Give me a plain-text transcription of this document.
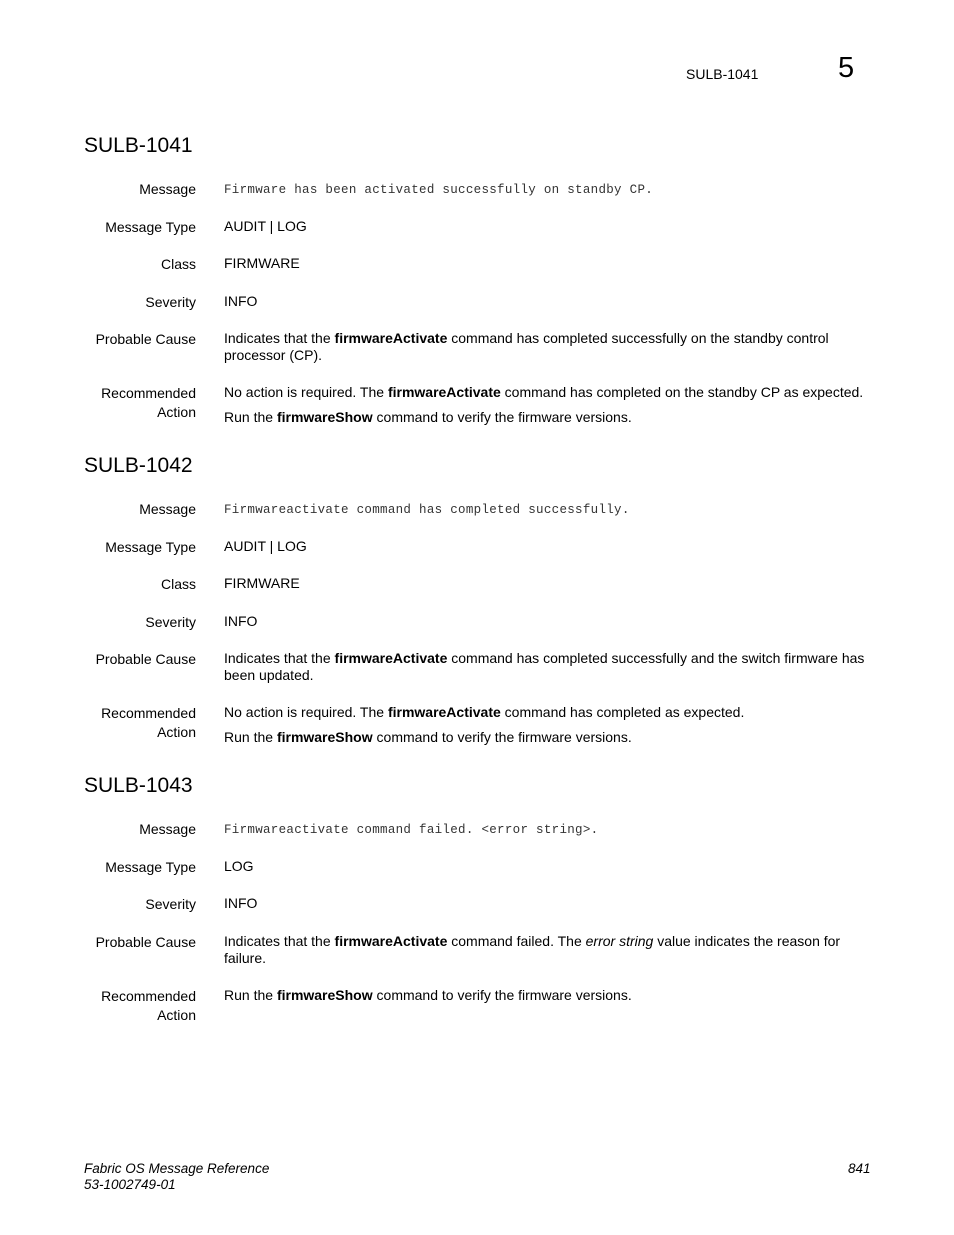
SULB-1041	5
SULB-1041
Message Firmware has been activated successfully on standby CP.
Message Type AUDIT | LOG
Class FIRMWARE
Severity INFO
Probable Cause Indicates that the firmwareActivate command has completed successfully on the standby control processor (CP).
Recommended
Action

No action is required. The firmwareActivate command has completed on the standby CP as expected.

Run the firmwareShow command to verify the firmware versions.

SULB-1042
Message Firmwareactivate command has completed successfully.
Message Type AUDIT | LOG
Class FIRMWARE
Severity INFO
Probable Cause Indicates that the firmwareActivate command has completed successfully and the switch firmware has been updated.
Recommended
Action

No action is required. The firmwareActivate command has completed as expected.

Run the firmwareShow command to verify the firmware versions.

SULB-1043
Message Firmwareactivate command failed. <error string>.
Message Type LOG
Severity INFO
Probable Cause Indicates that the firmwareActivate command failed. The error string value indicates the reason for failure.
Recommended
Action

Run the firmwareShow command to verify the firmware versions.

Fabric OS Message Reference
53-1002749-01
841
